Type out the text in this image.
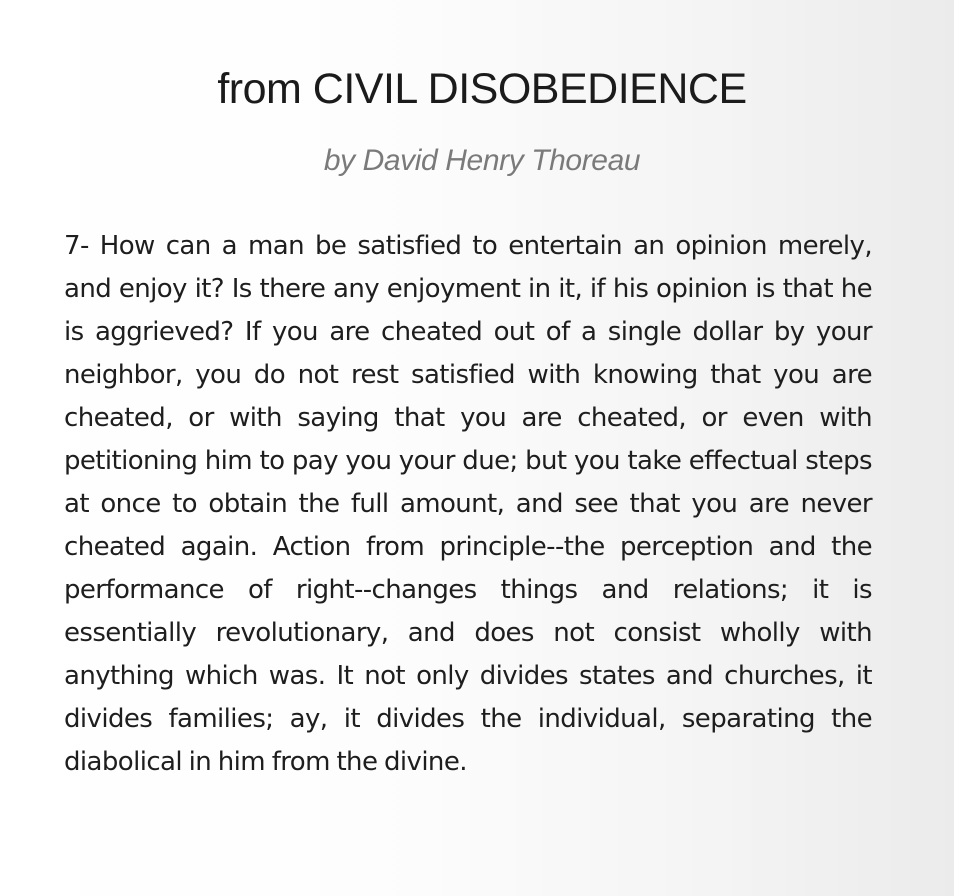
from CIVIL DISOBEDIENCE

by David Henry Thoreau

7- How can a man be satisfied to entertain an opinion merely, and enjoy it? Is there any enjoyment in it, if his opinion is that he is aggrieved? If you are cheated out of a single dollar by your neighbor, you do not rest satisfied with knowing that you are cheated, or with saying that you are cheated, or even with petitioning him to pay you your due; but you take effectual steps at once to obtain the full amount, and see that you are never cheated again. Action from principle--the perception and the performance of right--changes things and relations; it is essentially revolutionary, and does not consist wholly with anything which was. It not only divides states and churches, it divides families; ay, it divides the individual, separating the diabolical in him from the divine.
